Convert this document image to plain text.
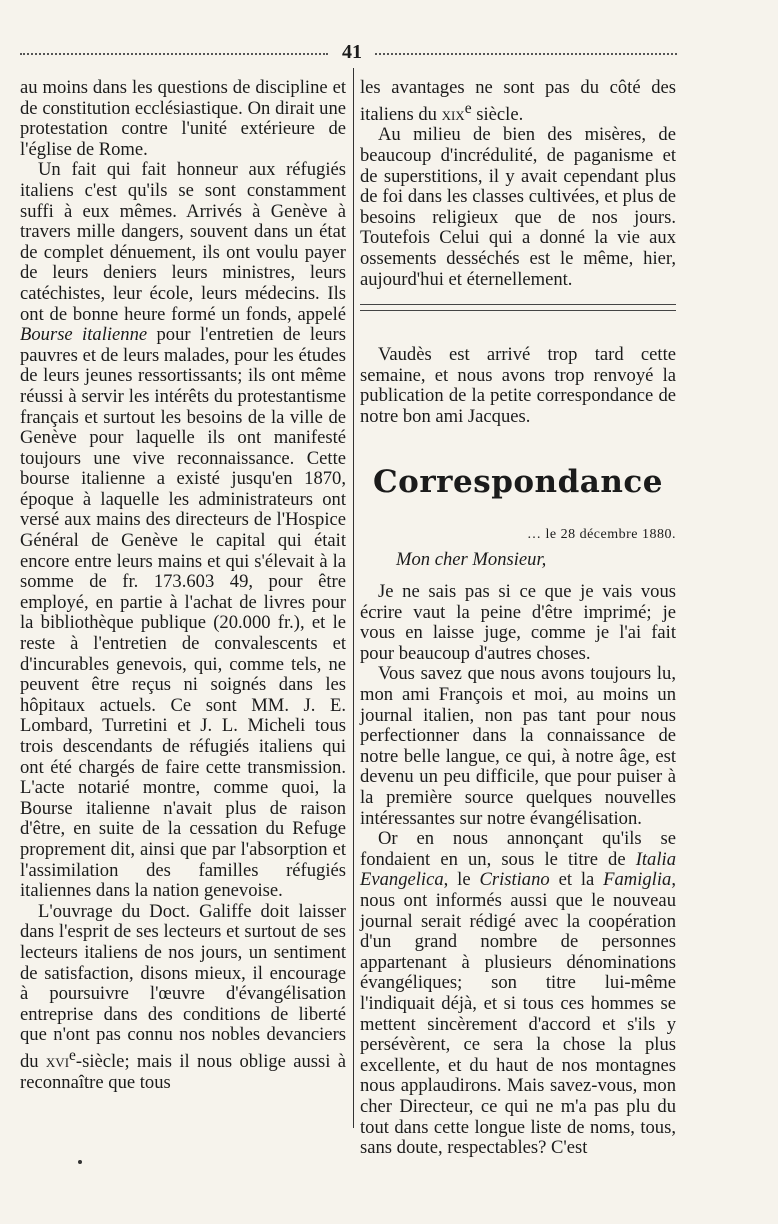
41

au moins dans les questions de discipline et de constitution ecclésiastique. On dirait une protestation contre l'unité extérieure de l'église de Rome.

Un fait qui fait honneur aux réfugiés italiens c'est qu'ils se sont constamment suffi à eux mêmes. Arrivés à Genève à travers mille dangers, souvent dans un état de complet dénuement, ils ont voulu payer de leurs deniers leurs ministres, leurs catéchistes, leur école, leurs médecins. Ils ont de bonne heure formé un fonds, appelé Bourse italienne pour l'entretien de leurs pauvres et de leurs malades, pour les études de leurs jeunes ressortissants; ils ont même réussi à servir les intérêts du protestantisme français et surtout les besoins de la ville de Genève pour laquelle ils ont manifesté toujours une vive reconnaissance. Cette bourse italienne a existé jusqu'en 1870, époque à laquelle les administrateurs ont versé aux mains des directeurs de l'Hospice Général de Genève le capital qui était encore entre leurs mains et qui s'élevait à la somme de fr. 173.603 49, pour être employé, en partie à l'achat de livres pour la bibliothèque publique (20.000 fr.), et le reste à l'entretien de convalescents et d'incurables genevois, qui, comme tels, ne peuvent être reçus ni soignés dans les hôpitaux actuels. Ce sont MM. J. E. Lombard, Turretini et J. L. Micheli tous trois descendants de réfugiés italiens qui ont été chargés de faire cette transmission. L'acte notarié montre, comme quoi, la Bourse italienne n'avait plus de raison d'être, en suite de la cessation du Refuge proprement dit, ainsi que par l'absorption et l'assimilation des familles réfugiés italiennes dans la nation genevoise.

L'ouvrage du Doct. Galiffe doit laisser dans l'esprit de ses lecteurs et surtout de ses lecteurs italiens de nos jours, un sentiment de satisfaction, disons mieux, il encourage à poursuivre l'œuvre d'évangélisation entreprise dans des conditions de liberté que n'ont pas connu nos nobles devanciers du xvi$^e$-siècle; mais il nous oblige aussi à reconnaître que tous

les avantages ne sont pas du côté des italiens du xix$^e$ siècle.

Au milieu de bien des misères, de beaucoup d'incrédulité, de paganisme et de superstitions, il y avait cependant plus de foi dans les classes cultivées, et plus de besoins religieux que de nos jours. Toutefois Celui qui a donné la vie aux ossements desséchés est le même, hier, aujourd'hui et éternellement.

Vaudès est arrivé trop tard cette semaine, et nous avons trop renvoyé la publication de la petite correspondance de notre bon ami Jacques.

Correspondance
… le 28 décembre 1880.
Mon cher Monsieur,

Je ne sais pas si ce que je vais vous écrire vaut la peine d'être imprimé; je vous en laisse juge, comme je l'ai fait pour beaucoup d'autres choses.

Vous savez que nous avons toujours lu, mon ami François et moi, au moins un journal italien, non pas tant pour nous perfectionner dans la connaissance de notre belle langue, ce qui, à notre âge, est devenu un peu difficile, que pour puiser à la première source quelques nouvelles intéressantes sur notre évangélisation.

Or en nous annonçant qu'ils se fondaient en un, sous le titre de Italia Evangelica, le Cristiano et la Famiglia, nous ont informés aussi que le nouveau journal serait rédigé avec la coopération d'un grand nombre de personnes appartenant à plusieurs dénominations évangéliques; son titre lui-même l'indiquait déjà, et si tous ces hommes se mettent sincèrement d'accord et s'ils y persévèrent, ce sera la chose la plus excellente, et du haut de nos montagnes nous applaudirons. Mais savez-vous, mon cher Directeur, ce qui ne m'a pas plu du tout dans cette longue liste de noms, tous, sans doute, respectables? C'est
